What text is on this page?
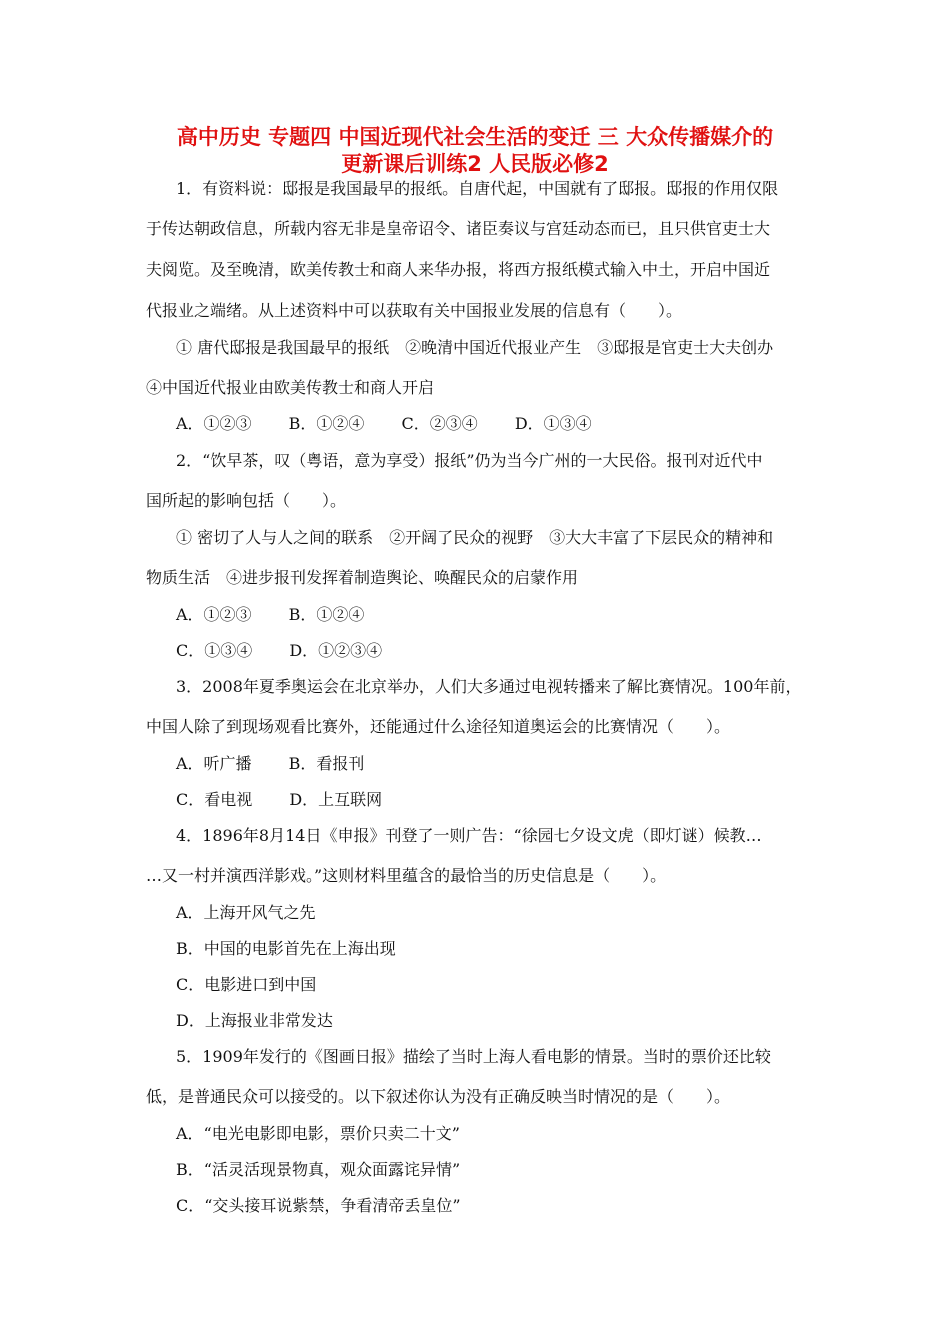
高中历史 专题四 中国近现代社会生活的变迁 三 大众传播媒介的
更新课后训练2 人民版必修2
1．有资料说：邸报是我国最早的报纸。自唐代起，中国就有了邸报。邸报的作用仅限
于传达朝政信息，所载内容无非是皇帝诏令、诸臣奏议与宫廷动态而已，且只供官吏士大
夫阅览。及至晚清，欧美传教士和商人来华办报，将西方报纸模式输入中土，开启中国近
代报业之端绪。从上述资料中可以获取有关中国报业发展的信息有（　　）。
① 唐代邸报是我国最早的报纸　②晚清中国近代报业产生　③邸报是官吏士大夫创办
④中国近代报业由欧美传教士和商人开启
A．①②③　　 B．①②④　　 C．②③④　　 D．①③④
2．“饮早茶，叹（粤语，意为享受）报纸”仍为当今广州的一大民俗。报刊对近代中
国所起的影响包括（　　）。
① 密切了人与人之间的联系　②开阔了民众的视野　③大大丰富了下层民众的精神和
物质生活　④进步报刊发挥着制造舆论、唤醒民众的启蒙作用
A．①②③　　 B．①②④
C．①③④　　 D．①②③④
3．2008年夏季奥运会在北京举办，人们大多通过电视转播来了解比赛情况。100年前，
中国人除了到现场观看比赛外，还能通过什么途径知道奥运会的比赛情况（　　）。
A．听广播　　 B．看报刊
C．看电视　　 D．上互联网
4．1896年8月14日《申报》刊登了一则广告：“徐园七夕设文虎（即灯谜）候教…
…又一村并演西洋影戏。”这则材料里蕴含的最恰当的历史信息是（　　）。
A．上海开风气之先
B．中国的电影首先在上海出现
C．电影进口到中国
D．上海报业非常发达
5．1909年发行的《图画日报》描绘了当时上海人看电影的情景。当时的票价还比较
低，是普通民众可以接受的。以下叙述你认为没有正确反映当时情况的是（　　）。
A．“电光电影即电影，票价只卖二十文”
B．“活灵活现景物真，观众面露诧异情”
C．“交头接耳说紫禁，争看清帝丢皇位”
